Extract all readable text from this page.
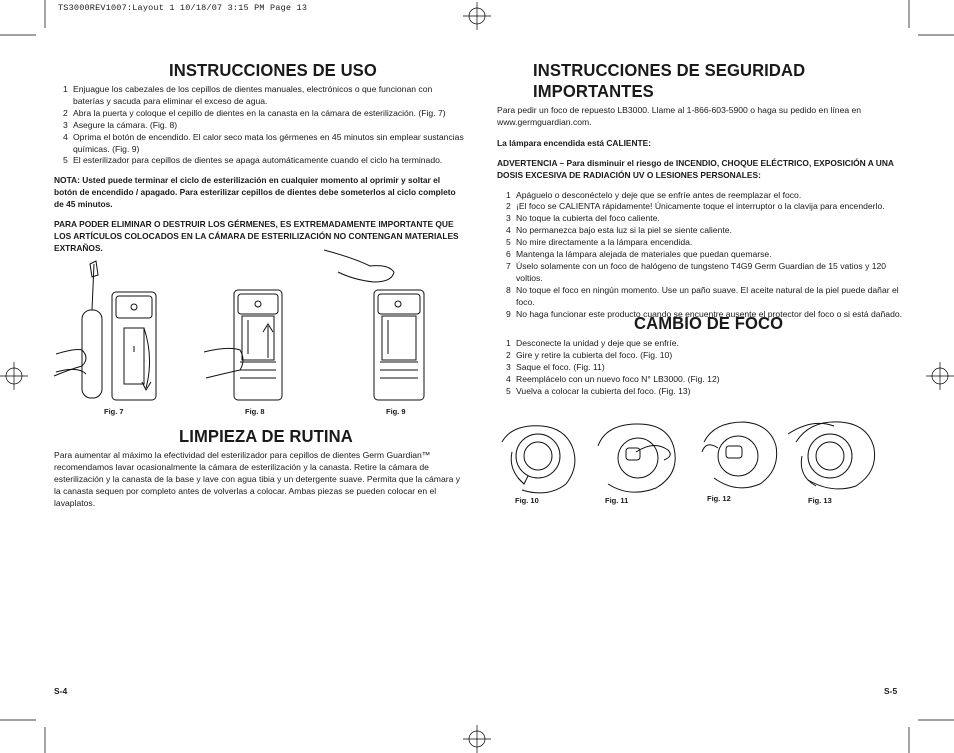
TS3000REV1007:Layout 1 10/18/07 3:15 PM Page 13
INSTRUCCIONES DE USO
1 Enjuague los cabezales de los cepillos de dientes manuales, electrónicos o que funcionan con baterías y sacuda para eliminar el exceso de agua.
2 Abra la puerta y coloque el cepillo de dientes en la canasta en la cámara de esterilización. (Fig. 7)
3 Asegure la cámara. (Fig. 8)
4 Oprima el botón de encendido. El calor seco mata los gérmenes en 45 minutos sin emplear sustancias químicas. (Fig. 9)
5 El esterilizador para cepillos de dientes se apaga automáticamente cuando el ciclo ha terminado.

NOTA: Usted puede terminar el ciclo de esterilización en cualquier momento al oprimir y soltar el botón de encendido / apagado. Para esterilizar cepillos de dientes debe someterlos al ciclo completo de 45 minutos.

PARA PODER ELIMINAR O DESTRUIR LOS GÉRMENES, ES EXTREMADAMENTE IMPORTANTE QUE LOS ARTÍCULOS COLOCADOS EN LA CÁMARA DE ESTERILIZACIÓN NO CONTENGAN MATERIALES EXTRAÑOS.

Fig. 7	Fig. 8	Fig. 9
LIMPIEZA DE RUTINA

Para aumentar al máximo la efectividad del esterilizador para cepillos de dientes Germ Guardian™ recomendamos lavar ocasionalmente la cámara de esterilización y la canasta. Retire la cámara de esterilización y la canasta de la base y lave con agua tibia y un detergente suave. Permita que la cámara y la canasta sequen por completo antes de volverlas a colocar. Ambas piezas se pueden colocar en el lavaplatos.

S-4
INSTRUCCIONES DE SEGURIDAD IMPORTANTES

Para pedir un foco de repuesto LB3000. Llame al 1-866-603-5900 o haga su pedido en línea en www.germguardian.com.

La lámpara encendida está CALIENTE:

ADVERTENCIA – Para disminuir el riesgo de INCENDIO, CHOQUE ELÉCTRICO, EXPOSICIÓN A UNA DOSIS EXCESIVA DE RADIACIÓN UV O LESIONES PERSONALES:

1 Apáguelo o desconéctelo y deje que se enfríe antes de reemplazar el foco.
2 ¡El foco se CALIENTA rápidamente! Únicamente toque el interruptor o la clavija para encenderlo.
3 No toque la cubierta del foco caliente.
4 No permanezca bajo esta luz si la piel se siente caliente.
5 No mire directamente a la lámpara encendida.
6 Mantenga la lámpara alejada de materiales que puedan quemarse.
7 Úselo solamente con un foco de halógeno de tungsteno T4G9 Germ Guardian de 15 vatios y 120 voltios.
8 No toque el foco en ningún momento. Use un paño suave. El aceite natural de la piel puede dañar el foco.
9 No haga funcionar este producto cuando se encuentre ausente el protector del foco o si está dañado.
CAMBIO DE FOCO
1 Desconecte la unidad y deje que se enfríe.
2 Gire y retire la cubierta del foco. (Fig. 10)
3 Saque el foco. (Fig. 11)
4 Reemplácelo con un nuevo foco N° LB3000. (Fig. 12)
5 Vuelva a colocar la cubierta del foco. (Fig. 13)
Fig. 10	Fig. 11	Fig. 12	Fig. 13
S-5
